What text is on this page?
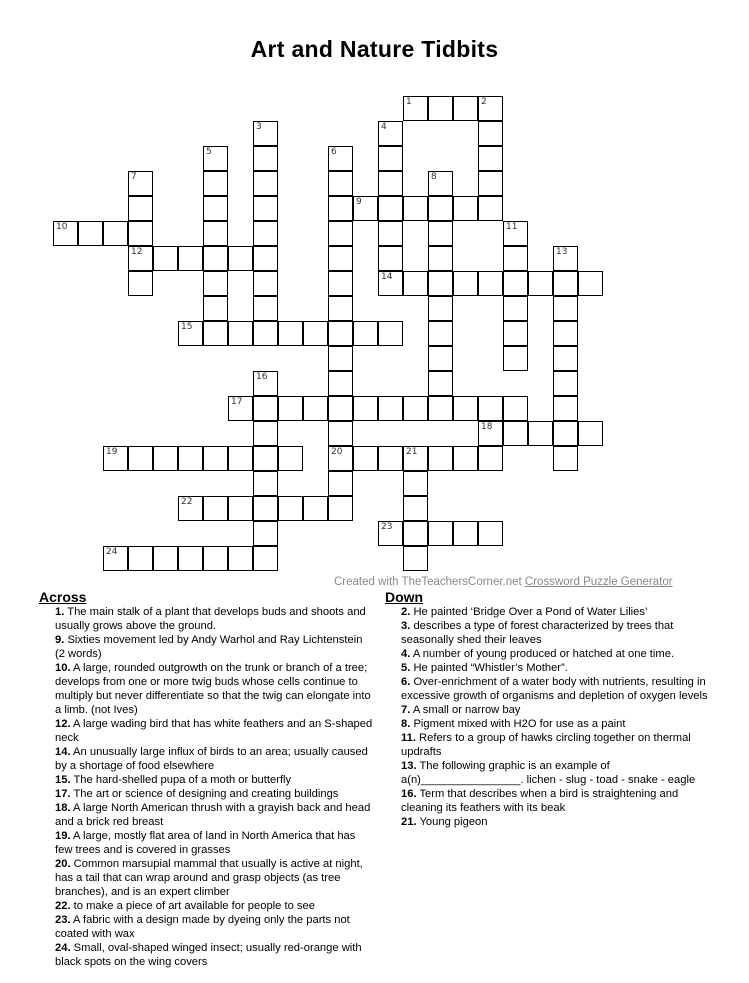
Art and Nature Tidbits
1	2
3	4
5	6
20
7
12
8
9
10	11
13
14
15
16
17
18
19	21
22
23
24
Created with TheTeachersCorner.net Crossword Puzzle Generator
Across
1. The main stalk of a plant that develops buds and shoots and usually grows above the ground.
9. Sixties movement led by Andy Warhol and Ray Lichtenstein (2 words)
10. A large, rounded outgrowth on the trunk or branch of a tree; develops from one or more twig buds whose cells continue to multiply but never differentiate so that the twig can elongate into a limb. (not Ives)
12. A large wading bird that has white feathers and an S-shaped neck
14. An unusually large influx of birds to an area; usually caused by a shortage of food elsewhere
15. The hard-shelled pupa of a moth or butterfly
17. The art or science of designing and creating buildings
18. A large North American thrush with a grayish back and head and a brick red breast
19. A large, mostly flat area of land in North America that has few trees and is covered in grasses
20. Common marsupial mammal that usually is active at night, has a tail that can wrap around and grasp objects (as tree branches), and is an expert climber
22. to make a piece of art available for people to see
23. A fabric with a design made by dyeing only the parts not coated with wax
24. Small, oval-shaped winged insect; usually red-orange with black spots on the wing covers
Down
2. He painted ‘Bridge Over a Pond of Water Lilies’
3. describes a type of forest characterized by trees that seasonally shed their leaves
4. A number of young produced or hatched at one time.
5. He painted “Whistler’s Mother”.
6. Over-enrichment of a water body with nutrients, resulting in excessive growth of organisms and depletion of oxygen levels
7. A small or narrow bay
8. Pigment mixed with H2O for use as a paint
11. Refers to a group of hawks circling together on thermal updrafts
13. The following graphic is an example of a(n)________________. lichen - slug - toad - snake - eagle
16. Term that describes when a bird is straightening and cleaning its feathers with its beak
21. Young pigeon
